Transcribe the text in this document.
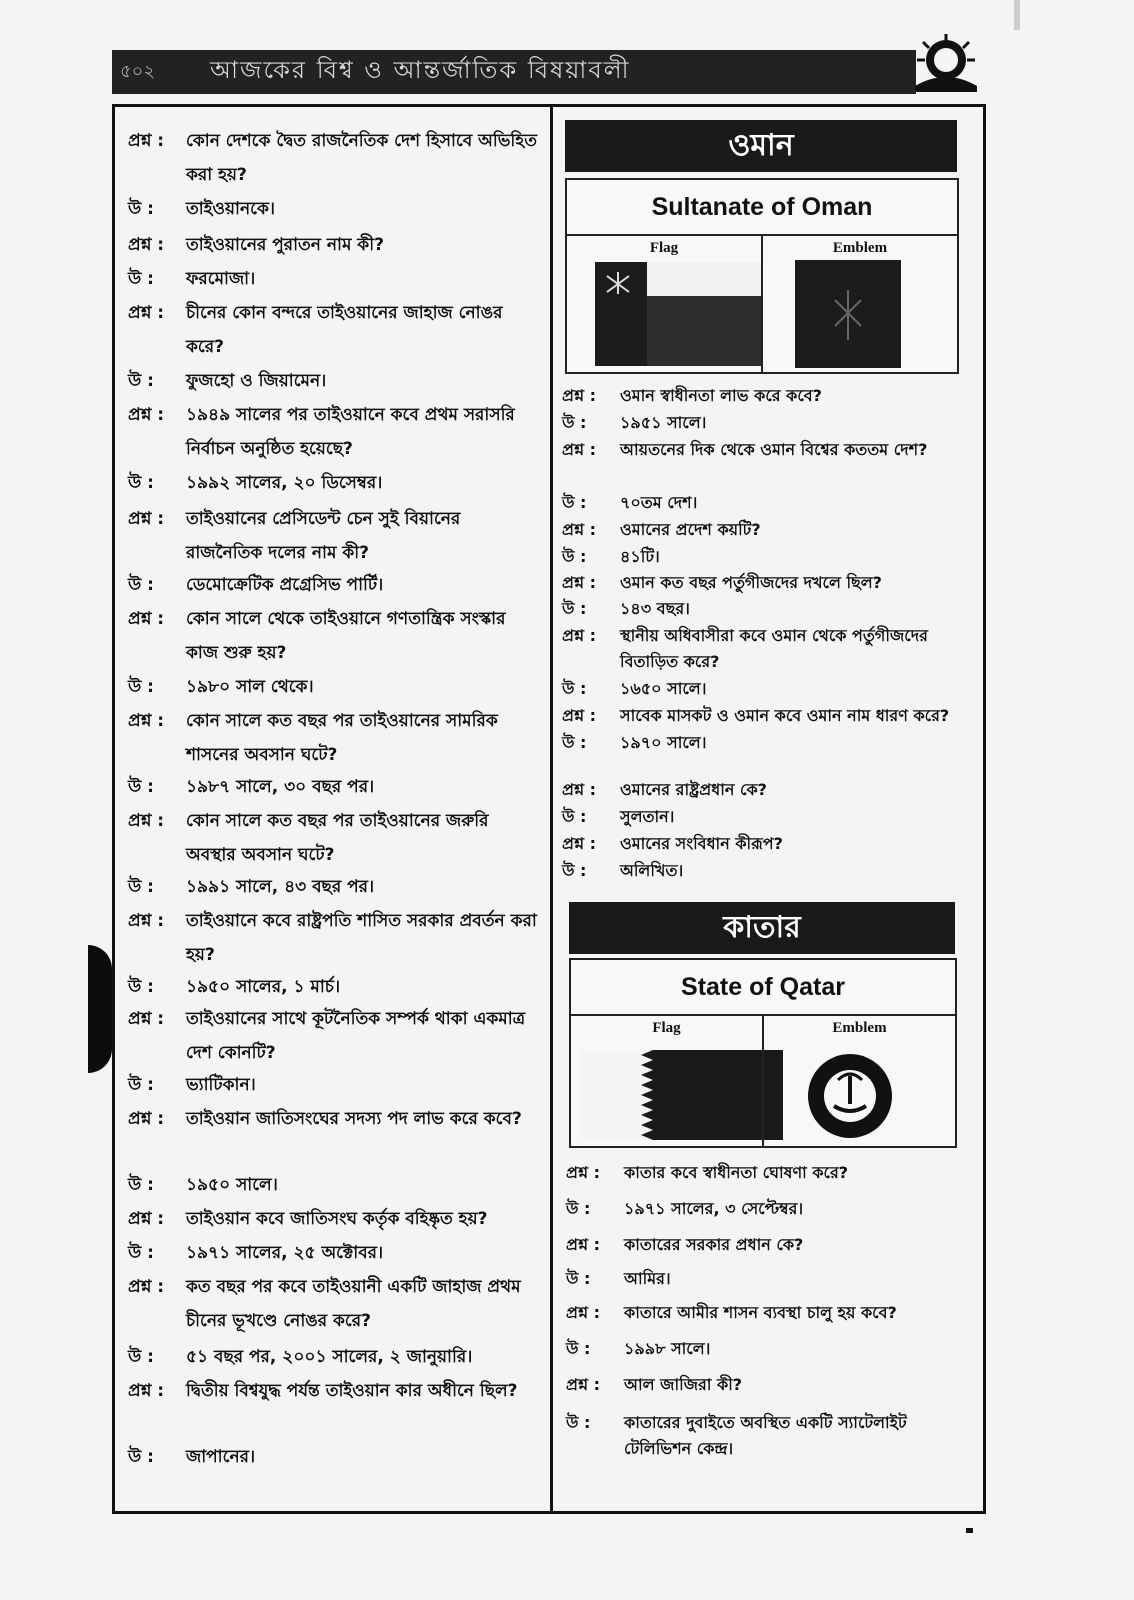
৫০২	আজকের বিশ্ব ও আন্তর্জাতিক বিষয়াবলী
প্রশ্ন :	কোন দেশকে দ্বৈত রাজনৈতিক দেশ হিসাবে অভিহিত করা হয়?
উ :	তাইওয়ানকে।
প্রশ্ন :	তাইওয়ানের পুরাতন নাম কী?
উ :	ফরমোজা।
প্রশ্ন :	চীনের কোন বন্দরে তাইওয়ানের জাহাজ নোঙর করে?
উ :	ফুজহো ও জিয়ামেন।
প্রশ্ন :	১৯৪৯ সালের পর তাইওয়ানে কবে প্রথম সরাসরি নির্বাচন অনুষ্ঠিত হয়েছে?
উ :	১৯৯২ সালের, ২০ ডিসেম্বর।
প্রশ্ন :	তাইওয়ানের প্রেসিডেন্ট চেন সুই বিয়ানের রাজনৈতিক দলের নাম কী?
উ :	ডেমোক্রেটিক প্রগ্রেসিভ পার্টি।
প্রশ্ন :	কোন সালে থেকে তাইওয়ানে গণতান্ত্রিক সংস্কার কাজ শুরু হয়?
উ :	১৯৮০ সাল থেকে।
প্রশ্ন :	কোন সালে কত বছর পর তাইওয়ানের সামরিক শাসনের অবসান ঘটে?
উ :	১৯৮৭ সালে, ৩০ বছর পর।
প্রশ্ন :	কোন সালে কত বছর পর তাইওয়ানের জরুরি অবস্থার অবসান ঘটে?
উ :	১৯৯১ সালে, ৪৩ বছর পর।
প্রশ্ন :	তাইওয়ানে কবে রাষ্ট্রপতি শাসিত সরকার প্রবর্তন করা হয়?
উ :	১৯৫০ সালের, ১ মার্চ।
প্রশ্ন :	তাইওয়ানের সাথে কূটনৈতিক সম্পর্ক থাকা একমাত্র দেশ কোনটি?
উ :	ভ্যাটিকান।
প্রশ্ন :	তাইওয়ান জাতিসংঘের সদস্য পদ লাভ করে কবে?
উ :	১৯৫০ সালে।
প্রশ্ন :	তাইওয়ান কবে জাতিসংঘ কর্তৃক বহিষ্কৃত হয়?
উ :	১৯৭১ সালের, ২৫ অক্টোবর।
প্রশ্ন :	কত বছর পর কবে তাইওয়ানী একটি জাহাজ প্রথম চীনের ভূখণ্ডে নোঙর করে?
উ :	৫১ বছর পর, ২০০১ সালের, ২ জানুয়ারি।
প্রশ্ন :	দ্বিতীয় বিশ্বযুদ্ধ পর্যন্ত তাইওয়ান কার অধীনে ছিল?
উ :	জাপানের।
ওমান
Sultanate of Oman
Flag	Emblem
প্রশ্ন :	ওমান স্বাধীনতা লাভ করে কবে?
উ :	১৯৫১ সালে।
প্রশ্ন :	আয়তনের দিক থেকে ওমান বিশ্বের কততম দেশ?
উ :	৭০তম দেশ।
প্রশ্ন :	ওমানের প্রদেশ কয়টি?
উ :	৪১টি।
প্রশ্ন :	ওমান কত বছর পর্তুগীজদের দখলে ছিল?
উ :	১৪৩ বছর।
প্রশ্ন :	স্থানীয় অধিবাসীরা কবে ওমান থেকে পর্তুগীজদের বিতাড়িত করে?
উ :	১৬৫০ সালে।
প্রশ্ন :	সাবেক মাসকট ও ওমান কবে ওমান নাম ধারণ করে?
উ :	১৯৭০ সালে।
প্রশ্ন :	ওমানের রাষ্ট্রপ্রধান কে?
উ :	সুলতান।
প্রশ্ন :	ওমানের সংবিধান কীরূপ?
উ :	অলিখিত।
কাতার
State of Qatar
Flag	Emblem
প্রশ্ন :	কাতার কবে স্বাধীনতা ঘোষণা করে?
উ :	১৯৭১ সালের, ৩ সেপ্টেম্বর।
প্রশ্ন :	কাতারের সরকার প্রধান কে?
উ :	আমির।
প্রশ্ন :	কাতারে আমীর শাসন ব্যবস্থা চালু হয় কবে?
উ :	১৯৯৮ সালে।
প্রশ্ন :	আল জাজিরা কী?
উ :	কাতারের দুবাইতে অবস্থিত একটি স্যাটেলাইট টেলিভিশন কেন্দ্র।
